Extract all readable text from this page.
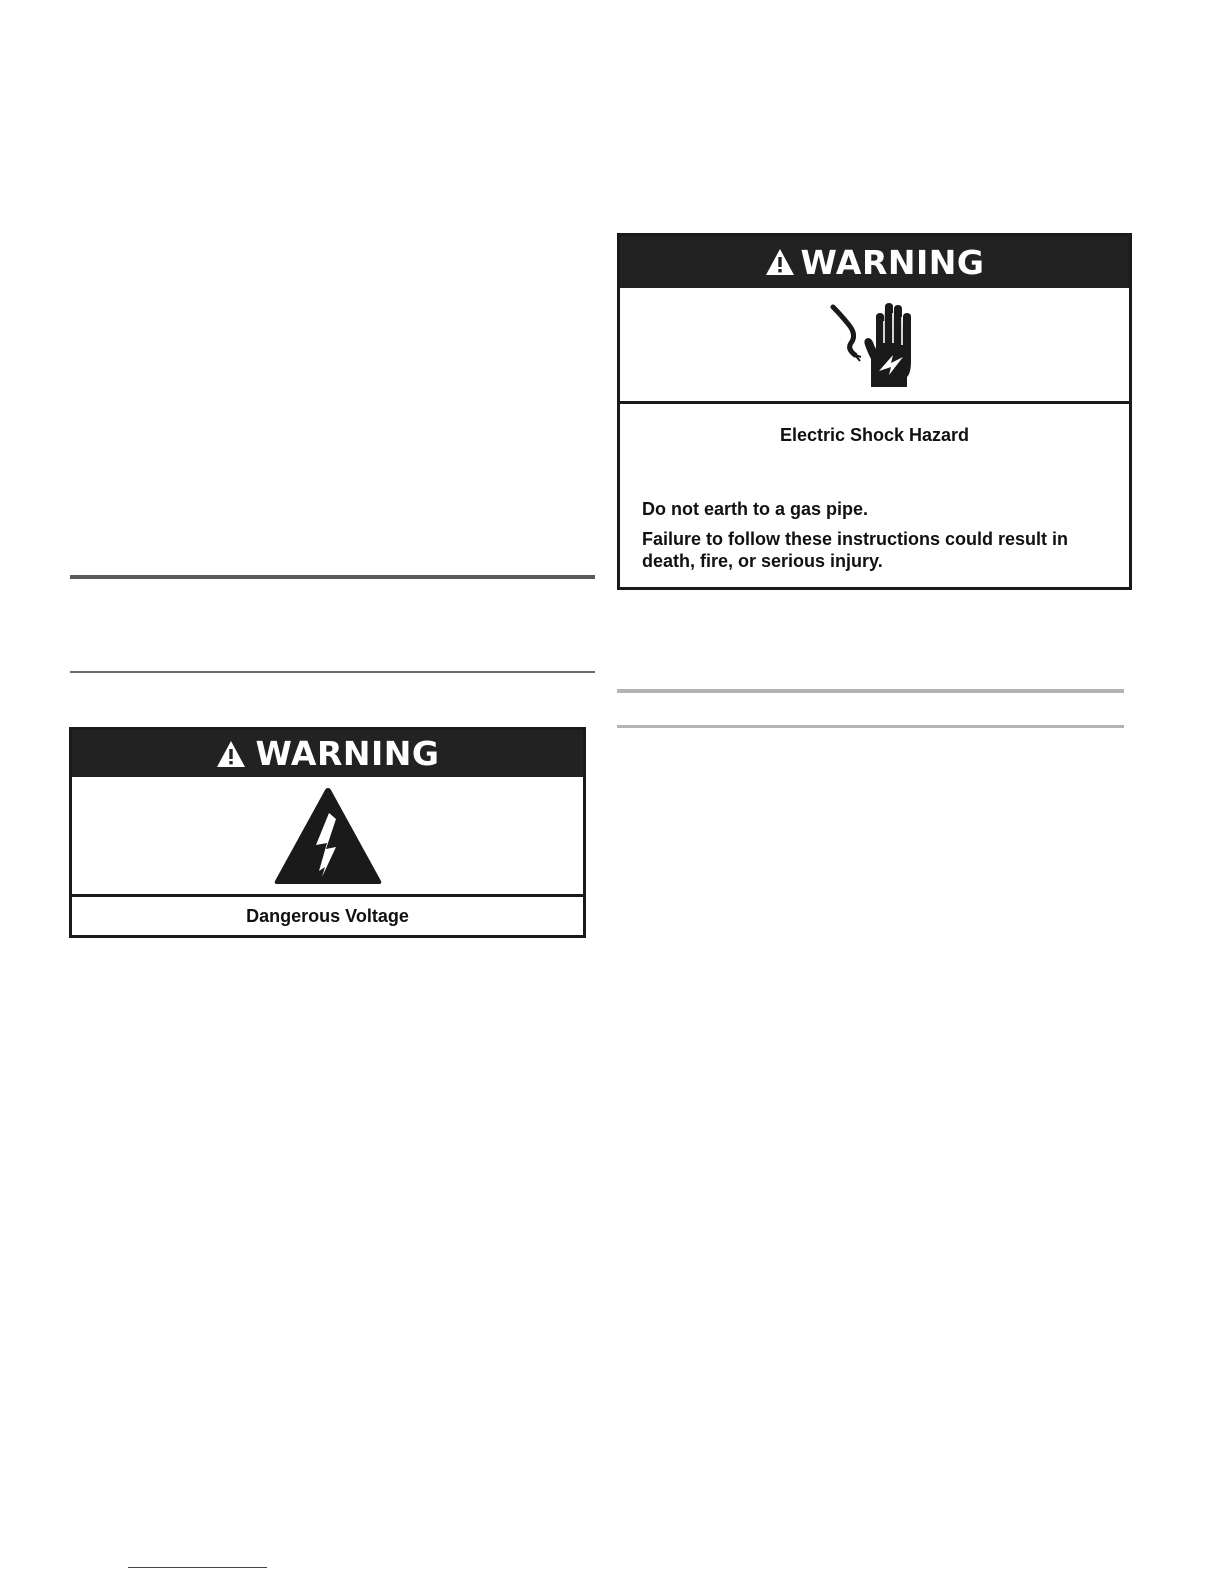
WARNING
Dangerous Voltage
WARNING
Electric Shock Hazard

Do not earth to a gas pipe.

Failure to follow these instructions could result in death, fire, or serious injury.
